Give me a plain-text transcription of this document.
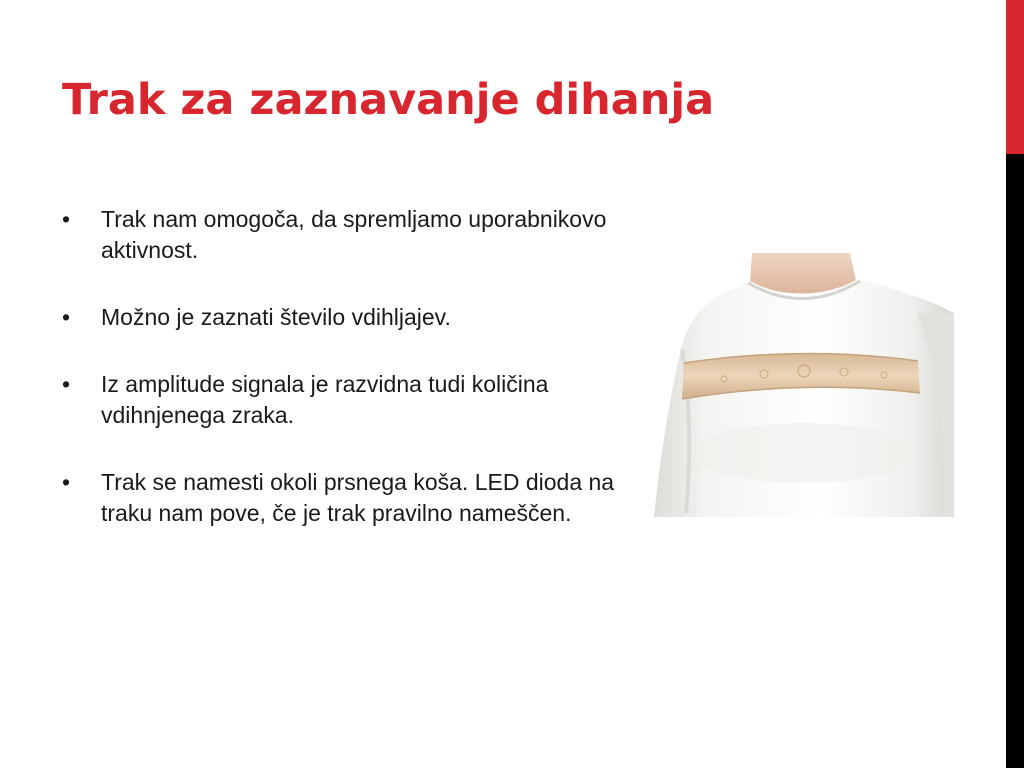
Trak za zaznavanje dihanja
•	Trak nam omogoča, da spremljamo uporabnikovo aktivnost.
•	Možno je zaznati število vdihljajev.
•	Iz amplitude signala je razvidna tudi količina vdihnjenega zraka.
•	Trak se namesti okoli prsnega koša. LED dioda na traku nam pove, če je trak pravilno nameščen.
